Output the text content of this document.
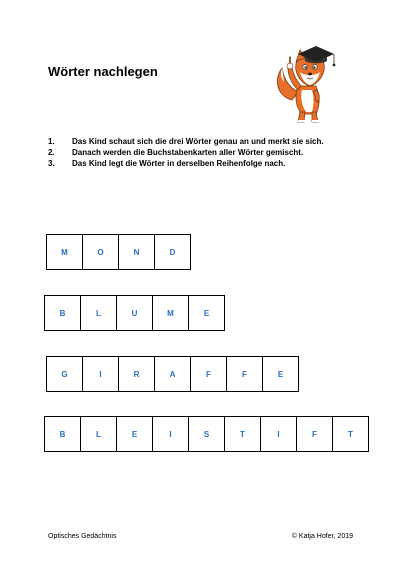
Wörter nachlegen
1. Das Kind schaut sich die drei Wörter genau an und merkt sie sich.
2. Danach werden die Buchstabenkarten aller Wörter gemischt.
3. Das Kind legt die Wörter in derselben Reihenfolge nach.
M	O	N	D
B	L	U	M	E
G	I	R	A	F	F	E
B	L	E	I	S	T	I	F	T
Optisches Gedächtnis	© Katja Hofer, 2019
